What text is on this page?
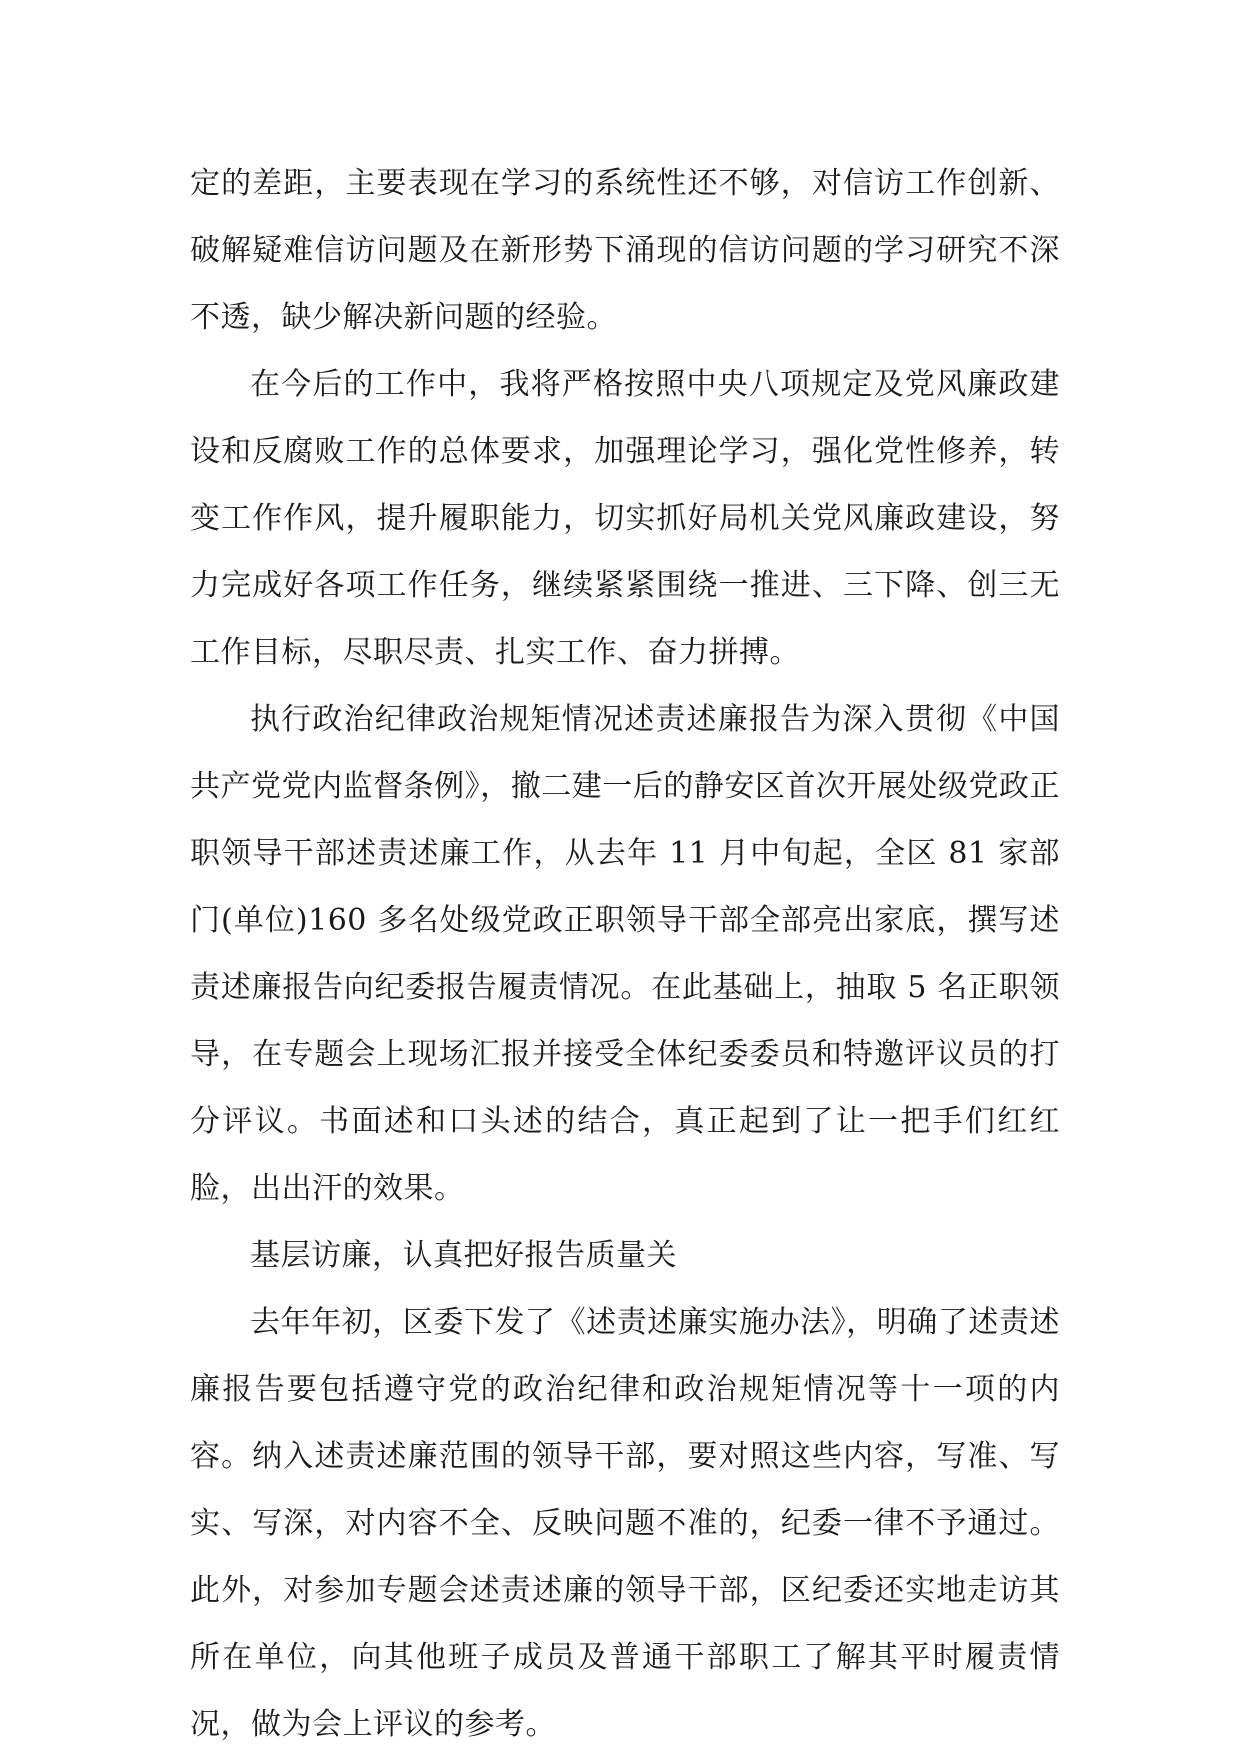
定的差距，主要表现在学习的系统性还不够，对信访工作创新、破解疑难信访问题及在新形势下涌现的信访问题的学习研究不深不透，缺少解决新问题的经验。

在今后的工作中，我将严格按照中央八项规定及党风廉政建设和反腐败工作的总体要求，加强理论学习，强化党性修养，转变工作作风，提升履职能力，切实抓好局机关党风廉政建设，努力完成好各项工作任务，继续紧紧围绕一推进、三下降、创三无工作目标，尽职尽责、扎实工作、奋力拼搏。

执行政治纪律政治规矩情况述责述廉报告为深入贯彻《中国共产党党内监督条例》，撤二建一后的静安区首次开展处级党政正职领导干部述责述廉工作，从去年 11 月中旬起，全区 81 家部门(单位)160 多名处级党政正职领导干部全部亮出家底，撰写述责述廉报告向纪委报告履责情况。在此基础上，抽取 5 名正职领导，在专题会上现场汇报并接受全体纪委委员和特邀评议员的打分评议。书面述和口头述的结合，真正起到了让一把手们红红脸，出出汗的效果。

基层访廉，认真把好报告质量关

去年年初，区委下发了《述责述廉实施办法》，明确了述责述廉报告要包括遵守党的政治纪律和政治规矩情况等十一项的内容。纳入述责述廉范围的领导干部，要对照这些内容，写准、写实、写深，对内容不全、反映问题不准的，纪委一律不予通过。此外，对参加专题会述责述廉的领导干部，区纪委还实地走访其所在单位，向其他班子成员及普通干部职工了解其平时履责情况，做为会上评议的参考。
